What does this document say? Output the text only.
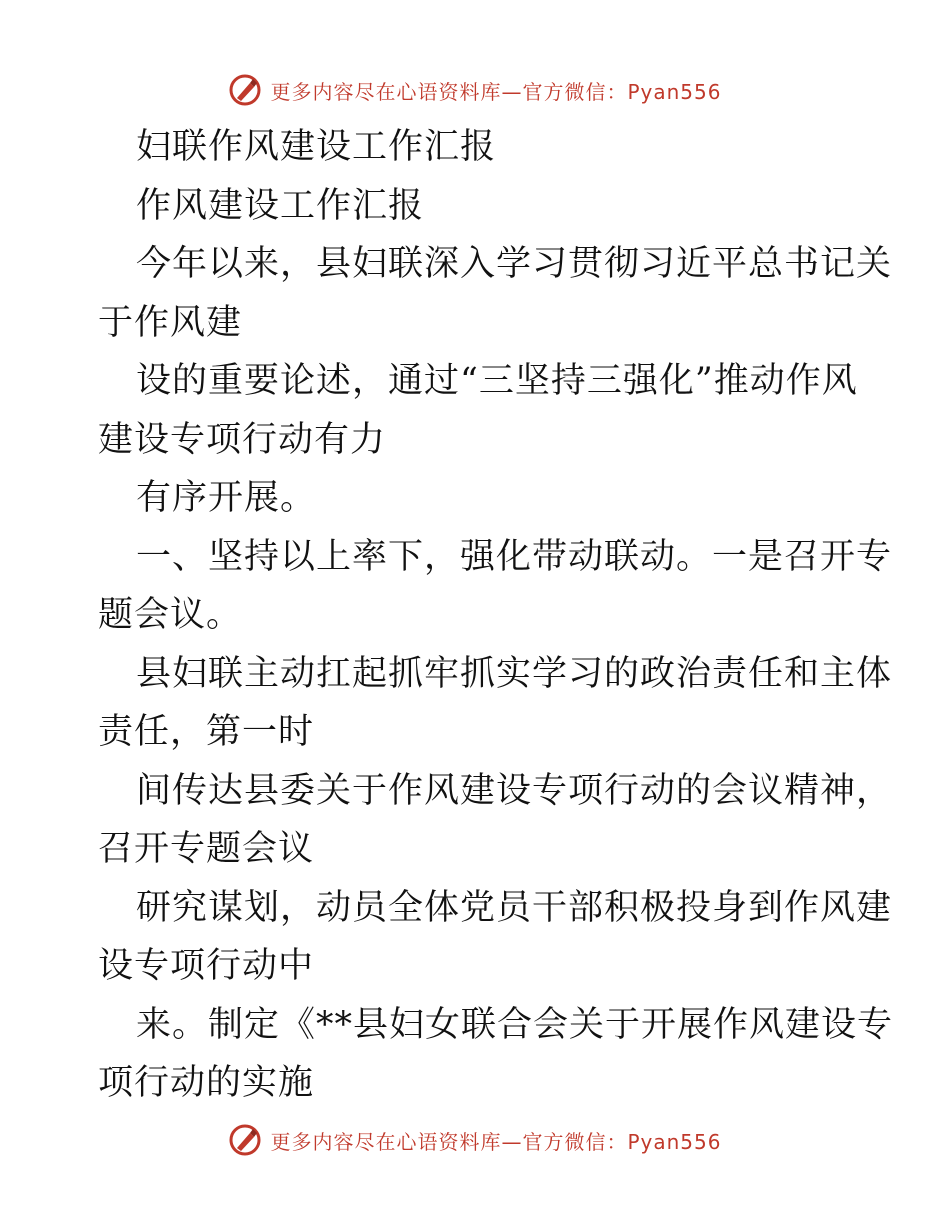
更多内容尽在心语资料库—官方微信：Pyan556
妇联作风建设工作汇报
作风建设工作汇报
今年以来，县妇联深入学习贯彻习近平总书记关
于作风建
设的重要论述，通过“三坚持三强化”推动作风
建设专项行动有力
有序开展。
一、坚持以上率下，强化带动联动。一是召开专
题会议。
县妇联主动扛起抓牢抓实学习的政治责任和主体
责任，第一时
间传达县委关于作风建设专项行动的会议精神，
召开专题会议
研究谋划，动员全体党员干部积极投身到作风建
设专项行动中
来。制定《**县妇女联合会关于开展作风建设专
项行动的实施
更多内容尽在心语资料库—官方微信：Pyan556
